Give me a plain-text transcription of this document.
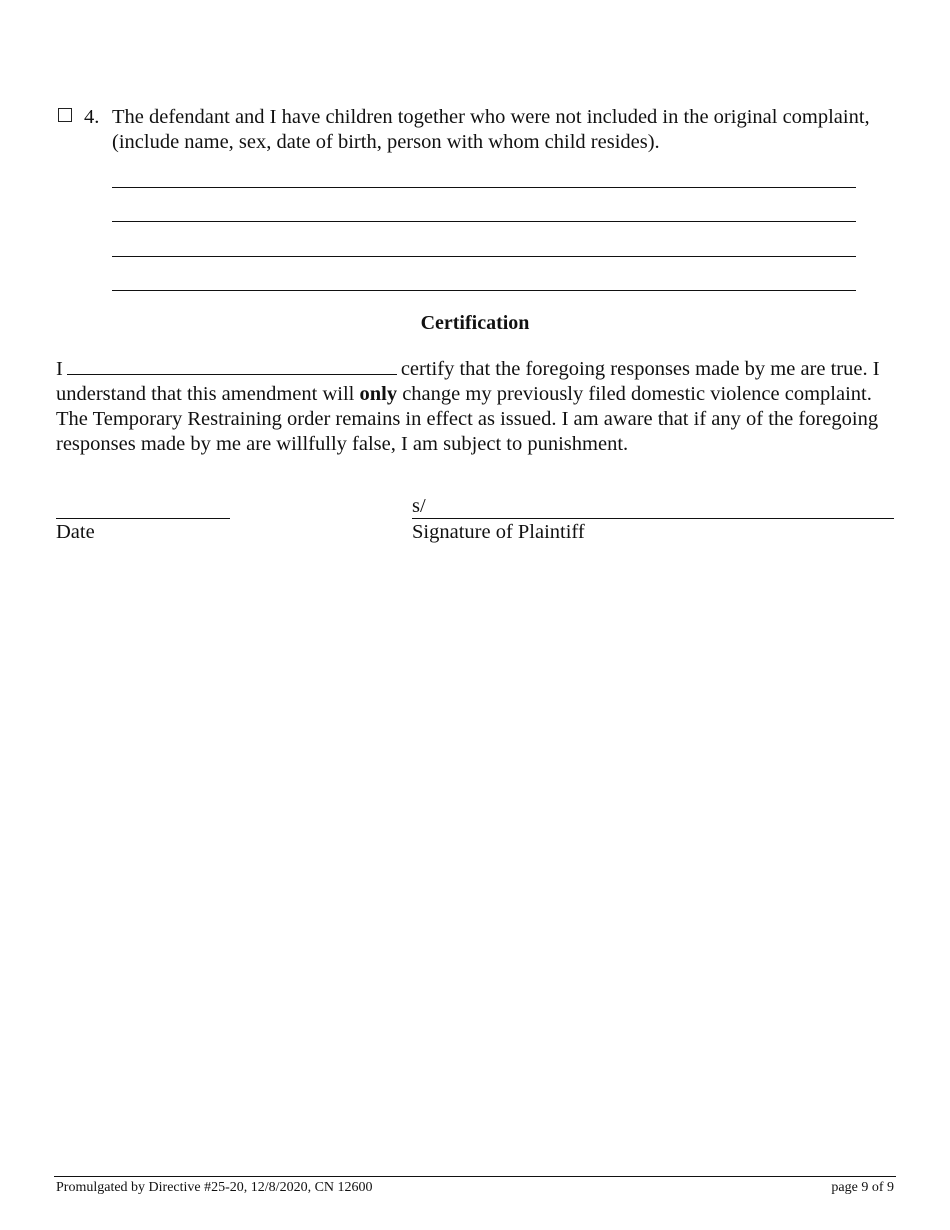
4. The defendant and I have children together who were not included in the original complaint, (include name, sex, date of birth, person with whom child resides).
Certification
I	certify that the foregoing responses made by me are true. I understand that this amendment will only change my previously filed domestic violence complaint. The Temporary Restraining order remains in effect as issued. I am aware that if any of the foregoing responses made by me are willfully false, I am subject to punishment.
Date
s/
Signature of Plaintiff
Promulgated by Directive #25-20, 12/8/2020, CN 12600	page 9 of 9
